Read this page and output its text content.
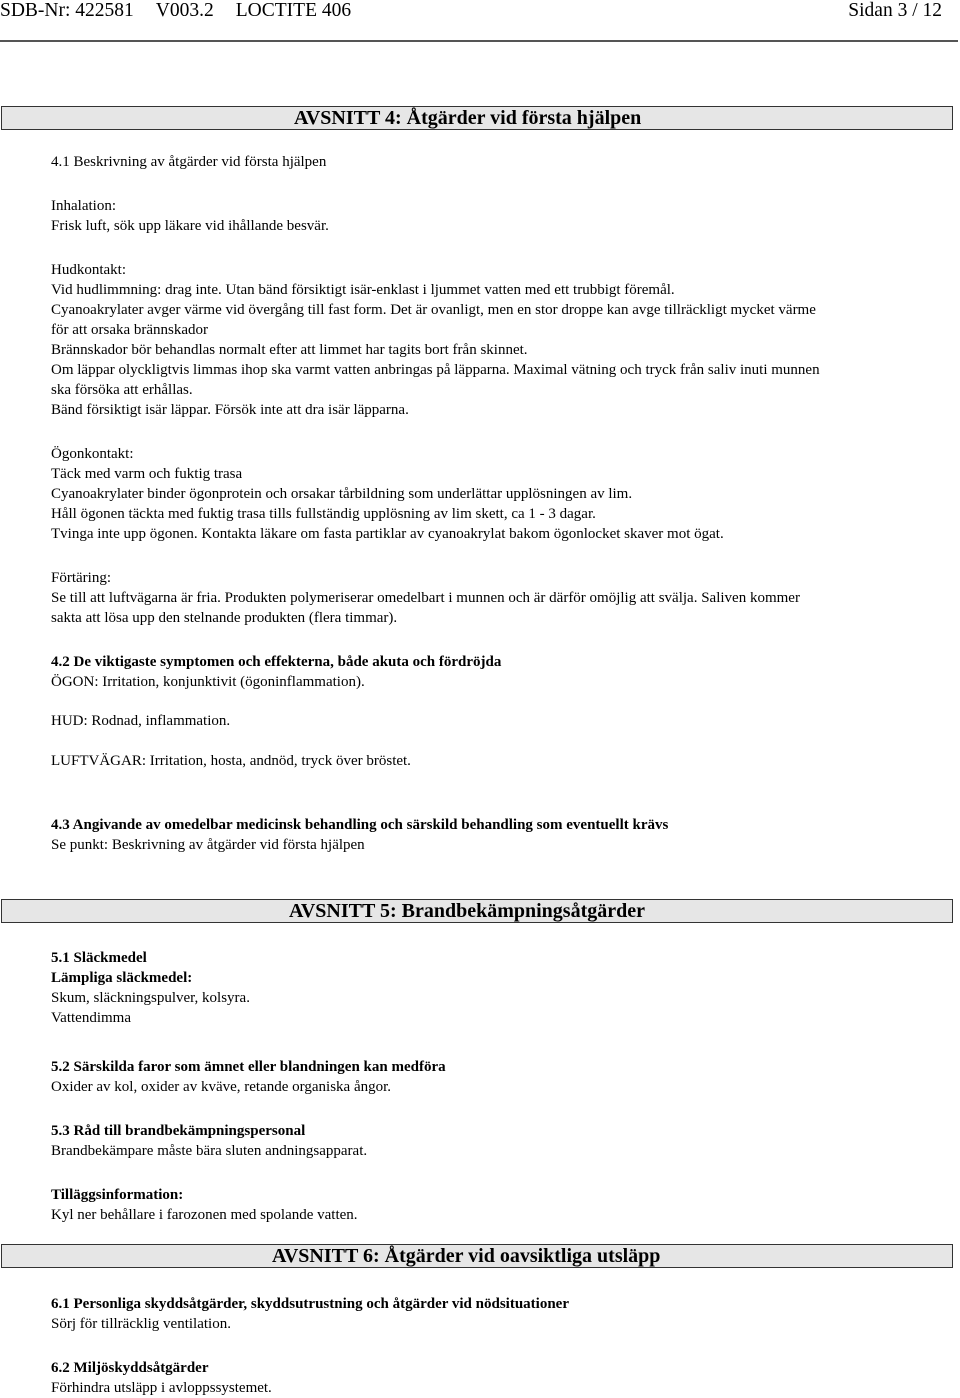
SDB-Nr: 422581 V003.2 LOCTITE 406	Sidan 3 / 12
AVSNITT 4: Åtgärder vid första hjälpen
4.1 Beskrivning av åtgärder vid första hjälpen
Inhalation:
Frisk luft, sök upp läkare vid ihållande besvär.
Hudkontakt:
Vid hudlimmning: drag inte. Utan bänd försiktigt isär-enklast i ljummet vatten med ett trubbigt föremål.
Cyanoakrylater avger värme vid övergång till fast form. Det är ovanligt, men en stor droppe kan avge tillräckligt mycket värme
för att orsaka brännskador
Brännskador bör behandlas normalt efter att limmet har tagits bort från skinnet.
Om läppar olyckligtvis limmas ihop ska varmt vatten anbringas på läpparna. Maximal vätning och tryck från saliv inuti munnen
ska försöka att erhållas.
Bänd försiktigt isär läppar. Försök inte att dra isär läpparna.
Ögonkontakt:
Täck med varm och fuktig trasa
Cyanoakrylater binder ögonprotein och orsakar tårbildning som underlättar upplösningen av lim.
Håll ögonen täckta med fuktig trasa tills fullständig upplösning av lim skett, ca 1 - 3 dagar.
Tvinga inte upp ögonen. Kontakta läkare om fasta partiklar av cyanoakrylat bakom ögonlocket skaver mot ögat.
Förtäring:
Se till att luftvägarna är fria. Produkten polymeriserar omedelbart i munnen och är därför omöjlig att svälja. Saliven kommer
sakta att lösa upp den stelnande produkten (flera timmar).
4.2 De viktigaste symptomen och effekterna, både akuta och fördröjda
ÖGON: Irritation, konjunktivit (ögoninflammation).
HUD: Rodnad, inflammation.
LUFTVÄGAR: Irritation, hosta, andnöd, tryck över bröstet.
4.3 Angivande av omedelbar medicinsk behandling och särskild behandling som eventuellt krävs
Se punkt: Beskrivning av åtgärder vid första hjälpen
AVSNITT 5: Brandbekämpningsåtgärder
5.1 Släckmedel
Lämpliga släckmedel:
Skum, släckningspulver, kolsyra.
Vattendimma
5.2 Särskilda faror som ämnet eller blandningen kan medföra
Oxider av kol, oxider av kväve, retande organiska ångor.
5.3 Råd till brandbekämpningspersonal
Brandbekämpare måste bära sluten andningsapparat.
Tilläggsinformation:
Kyl ner behållare i farozonen med spolande vatten.
AVSNITT 6: Åtgärder vid oavsiktliga utsläpp
6.1 Personliga skyddsåtgärder, skyddsutrustning och åtgärder vid nödsituationer
Sörj för tillräcklig ventilation.
6.2 Miljöskyddsåtgärder
Förhindra utsläpp i avloppssystemet.
